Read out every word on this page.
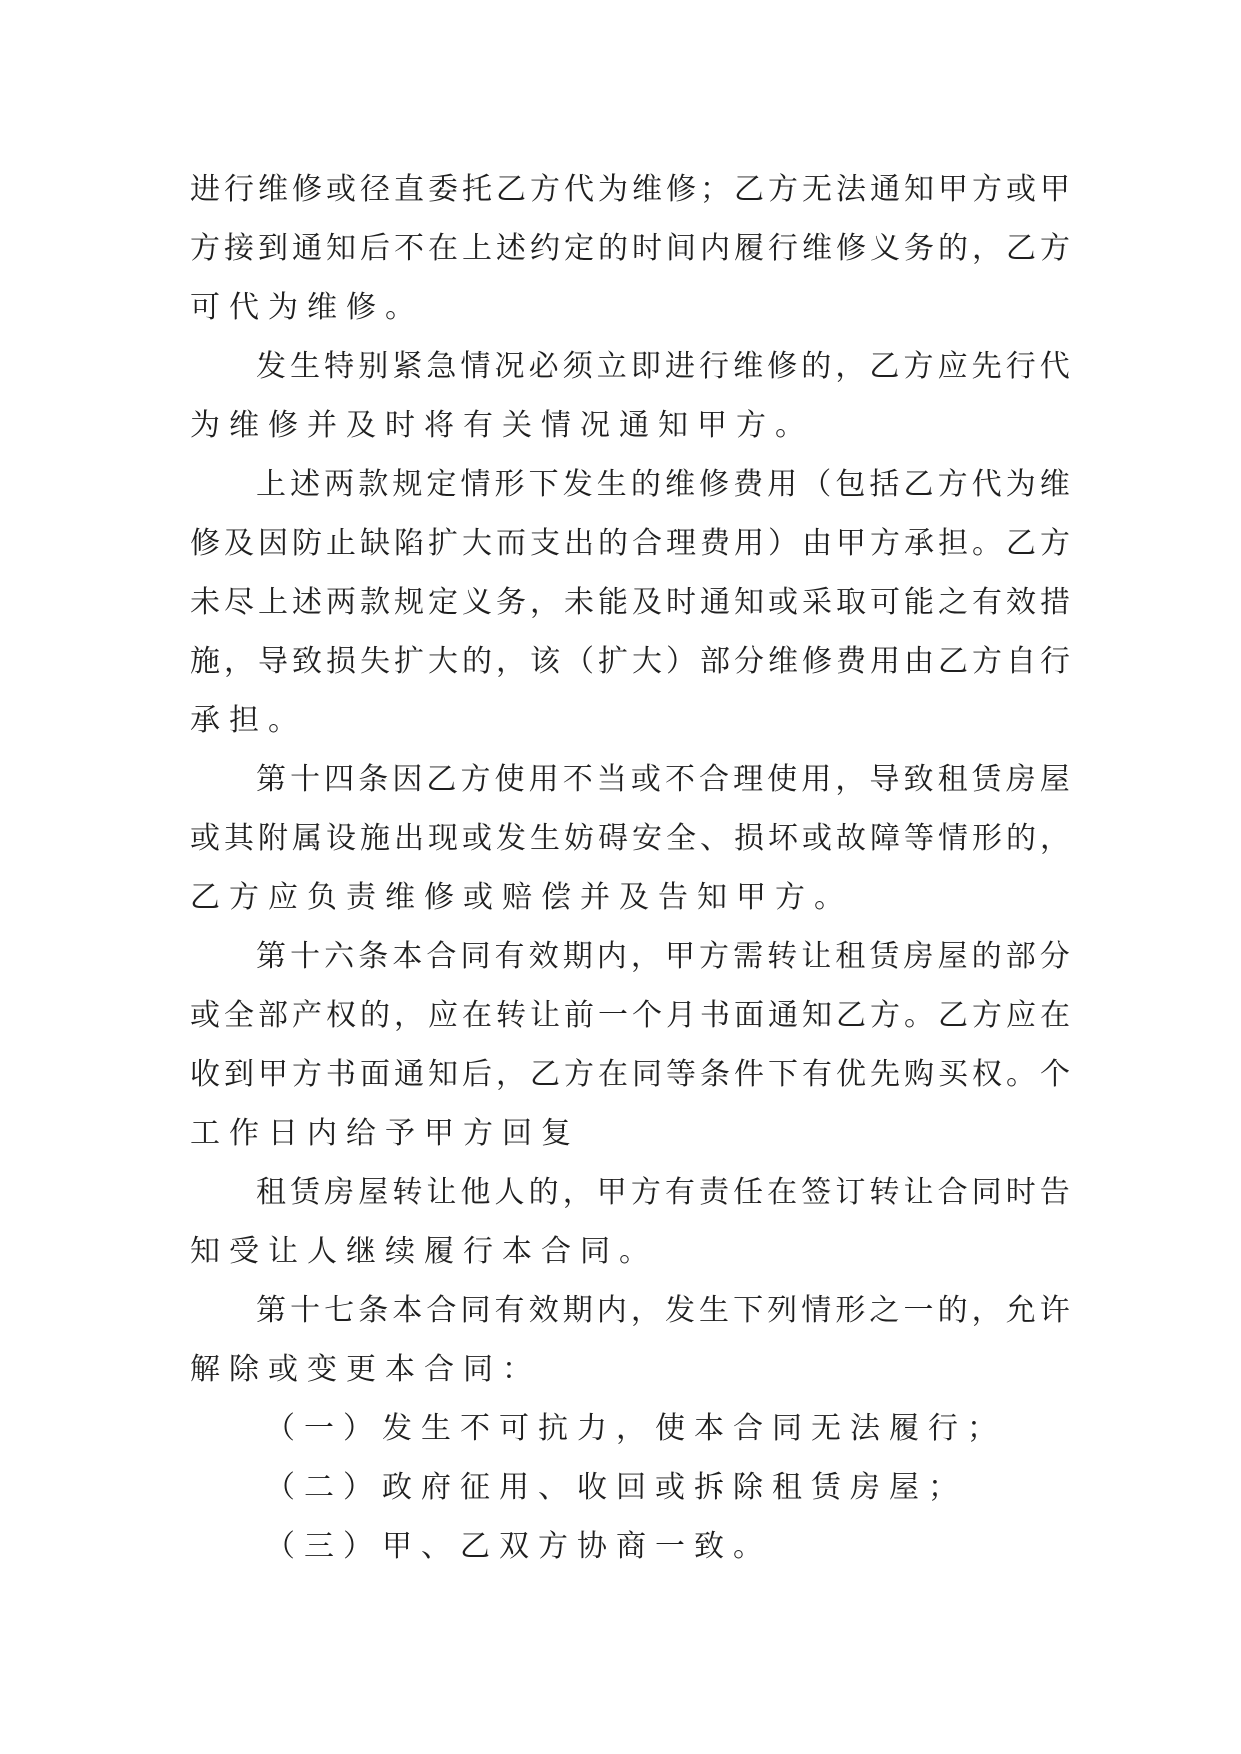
进 行 维 修 或 径 直 委 托 乙 方 代 为 维 修 ； 乙 方 无 法 通 知 甲 方 或 甲
方 接 到 通 知 后 不 在 上 述 约 定 的 时 间 内 履 行 维 修 义 务 的 ， 乙 方
可代为维修。
发 生 特 别 紧 急 情 况 必 须 立 即 进 行 维 修 的 ， 乙 方 应 先 行 代
为维修并及时将有关情况通知甲方。
上 述 两 款 规 定 情 形 下 发 生 的 维 修 费 用 （ 包 括 乙 方 代 为 维
修 及 因 防 止 缺 陷 扩 大 而 支 出 的 合 理 费 用 ） 由 甲 方 承 担 。 乙 方
未 尽 上 述 两 款 规 定 义 务 ， 未 能 及 时 通 知 或 采 取 可 能 之 有 效 措
施 ， 导 致 损 失 扩 大 的 ， 该 （ 扩 大 ） 部 分 维 修 费 用 由 乙 方 自 行
承担。
第 十 四 条 因 乙 方 使 用 不 当 或 不 合 理 使 用 ， 导 致 租 赁 房 屋
或 其 附 属 设 施 出 现 或 发 生 妨 碍 安 全 、 损 坏 或 故 障 等 情 形 的 ，
乙方应负责维修或赔偿并及告知甲方。
第 十 六 条 本 合 同 有 效 期 内 ， 甲 方 需 转 让 租 赁 房 屋 的 部 分
或 全 部 产 权 的 ， 应 在 转 让 前 一 个 月 书 面 通 知 乙 方 。 乙 方 应 在
收 到 甲 方 书 面 通 知 后 ， 乙 方 在 同 等 条 件 下 有 优 先 购 买 权 。 个
工作日内给予甲方回复
租 赁 房 屋 转 让 他 人 的 ， 甲 方 有 责 任 在 签 订 转 让 合 同 时 告
知受让人继续履行本合同。
第 十 七 条 本 合 同 有 效 期 内 ， 发 生 下 列 情 形 之 一 的 ， 允 许
解除或变更本合同：
（一）发生不可抗力，使本合同无法履行；
（二）政府征用、收回或拆除租赁房屋；
（三）甲、乙双方协商一致。
